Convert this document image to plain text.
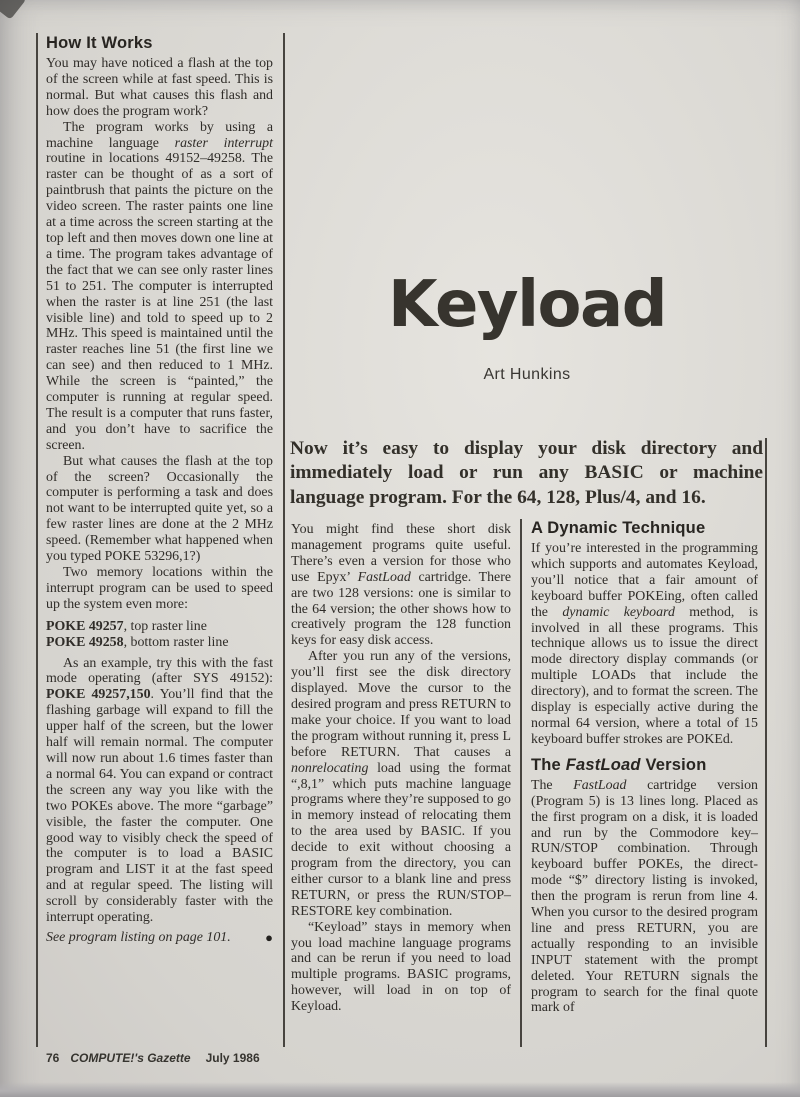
How It Works

You may have noticed a flash at the top of the screen while at fast speed. This is normal. But what causes this flash and how does the program work?

The program works by using a machine language raster interrupt routine in locations 49152–49258. The raster can be thought of as a sort of paintbrush that paints the picture on the video screen. The raster paints one line at a time across the screen starting at the top left and then moves down one line at a time. The program takes advantage of the fact that we can see only raster lines 51 to 251. The computer is interrupted when the raster is at line 251 (the last visible line) and told to speed up to 2 MHz. This speed is maintained until the raster reaches line 51 (the first line we can see) and then reduced to 1 MHz. While the screen is “painted,” the computer is running at regular speed. The result is a computer that runs faster, and you don’t have to sacrifice the screen.

But what causes the flash at the top of the screen? Occasionally the computer is performing a task and does not want to be interrupted quite yet, so a few raster lines are done at the 2 MHz speed. (Remember what happened when you typed POKE 53296,1?)

Two memory locations within the interrupt program can be used to speed up the system even more:

POKE 49257, top raster line

POKE 49258, bottom raster line

As an example, try this with the fast mode operating (after SYS 49152): POKE 49257,150. You’ll find that the flashing garbage will expand to fill the upper half of the screen, but the lower half will remain normal. The computer will now run about 1.6 times faster than a normal 64. You can expand or contract the screen any way you like with the two POKEs above. The more “garbage” visible, the faster the computer. One good way to visibly check the speed of the computer is to load a BASIC program and LIST it at the fast speed and at regular speed. The listing will scroll by considerably faster with the interrupt operating.

See program listing on page 101.	●
Keyload
Art Hunkins
Now it’s easy to display your disk directory and immediately load or run any BASIC or machine language program. For the 64, 128, Plus/4, and 16.

You might find these short disk management programs quite useful. There’s even a version for those who use Epyx’ FastLoad cartridge. There are two 128 versions: one is similar to the 64 version; the other shows how to creatively program the 128 function keys for easy disk access.

After you run any of the versions, you’ll first see the disk directory displayed. Move the cursor to the desired program and press RETURN to make your choice. If you want to load the program without running it, press L before RETURN. That causes a nonrelocating load using the format “,8,1” which puts machine language programs where they’re supposed to go in memory instead of relocating them to the area used by BASIC. If you decide to exit without choosing a program from the directory, you can either cursor to a blank line and press RETURN, or press the RUN/STOP–RESTORE key combination.

“Keyload” stays in memory when you load machine language programs and can be rerun if you need to load multiple programs. BASIC programs, however, will load in on top of Keyload.

A Dynamic Technique

If you’re interested in the programming which supports and automates Keyload, you’ll notice that a fair amount of keyboard buffer POKEing, often called the dynamic keyboard method, is involved in all these programs. This technique allows us to issue the direct mode directory display commands (or multiple LOADs that include the directory), and to format the screen. The display is especially active during the normal 64 version, where a total of 15 keyboard buffer strokes are POKEd.

The FastLoad Version

The FastLoad cartridge version (Program 5) is 13 lines long. Placed as the first program on a disk, it is loaded and run by the Commodore key–RUN/STOP combination. Through keyboard buffer POKEs, the direct-mode “$” directory listing is invoked, then the program is rerun from line 4. When you cursor to the desired program line and press RETURN, you are actually responding to an invisible INPUT statement with the prompt deleted. Your RETURN signals the program to search for the final quote mark of

76 COMPUTE!'s Gazette July 1986
